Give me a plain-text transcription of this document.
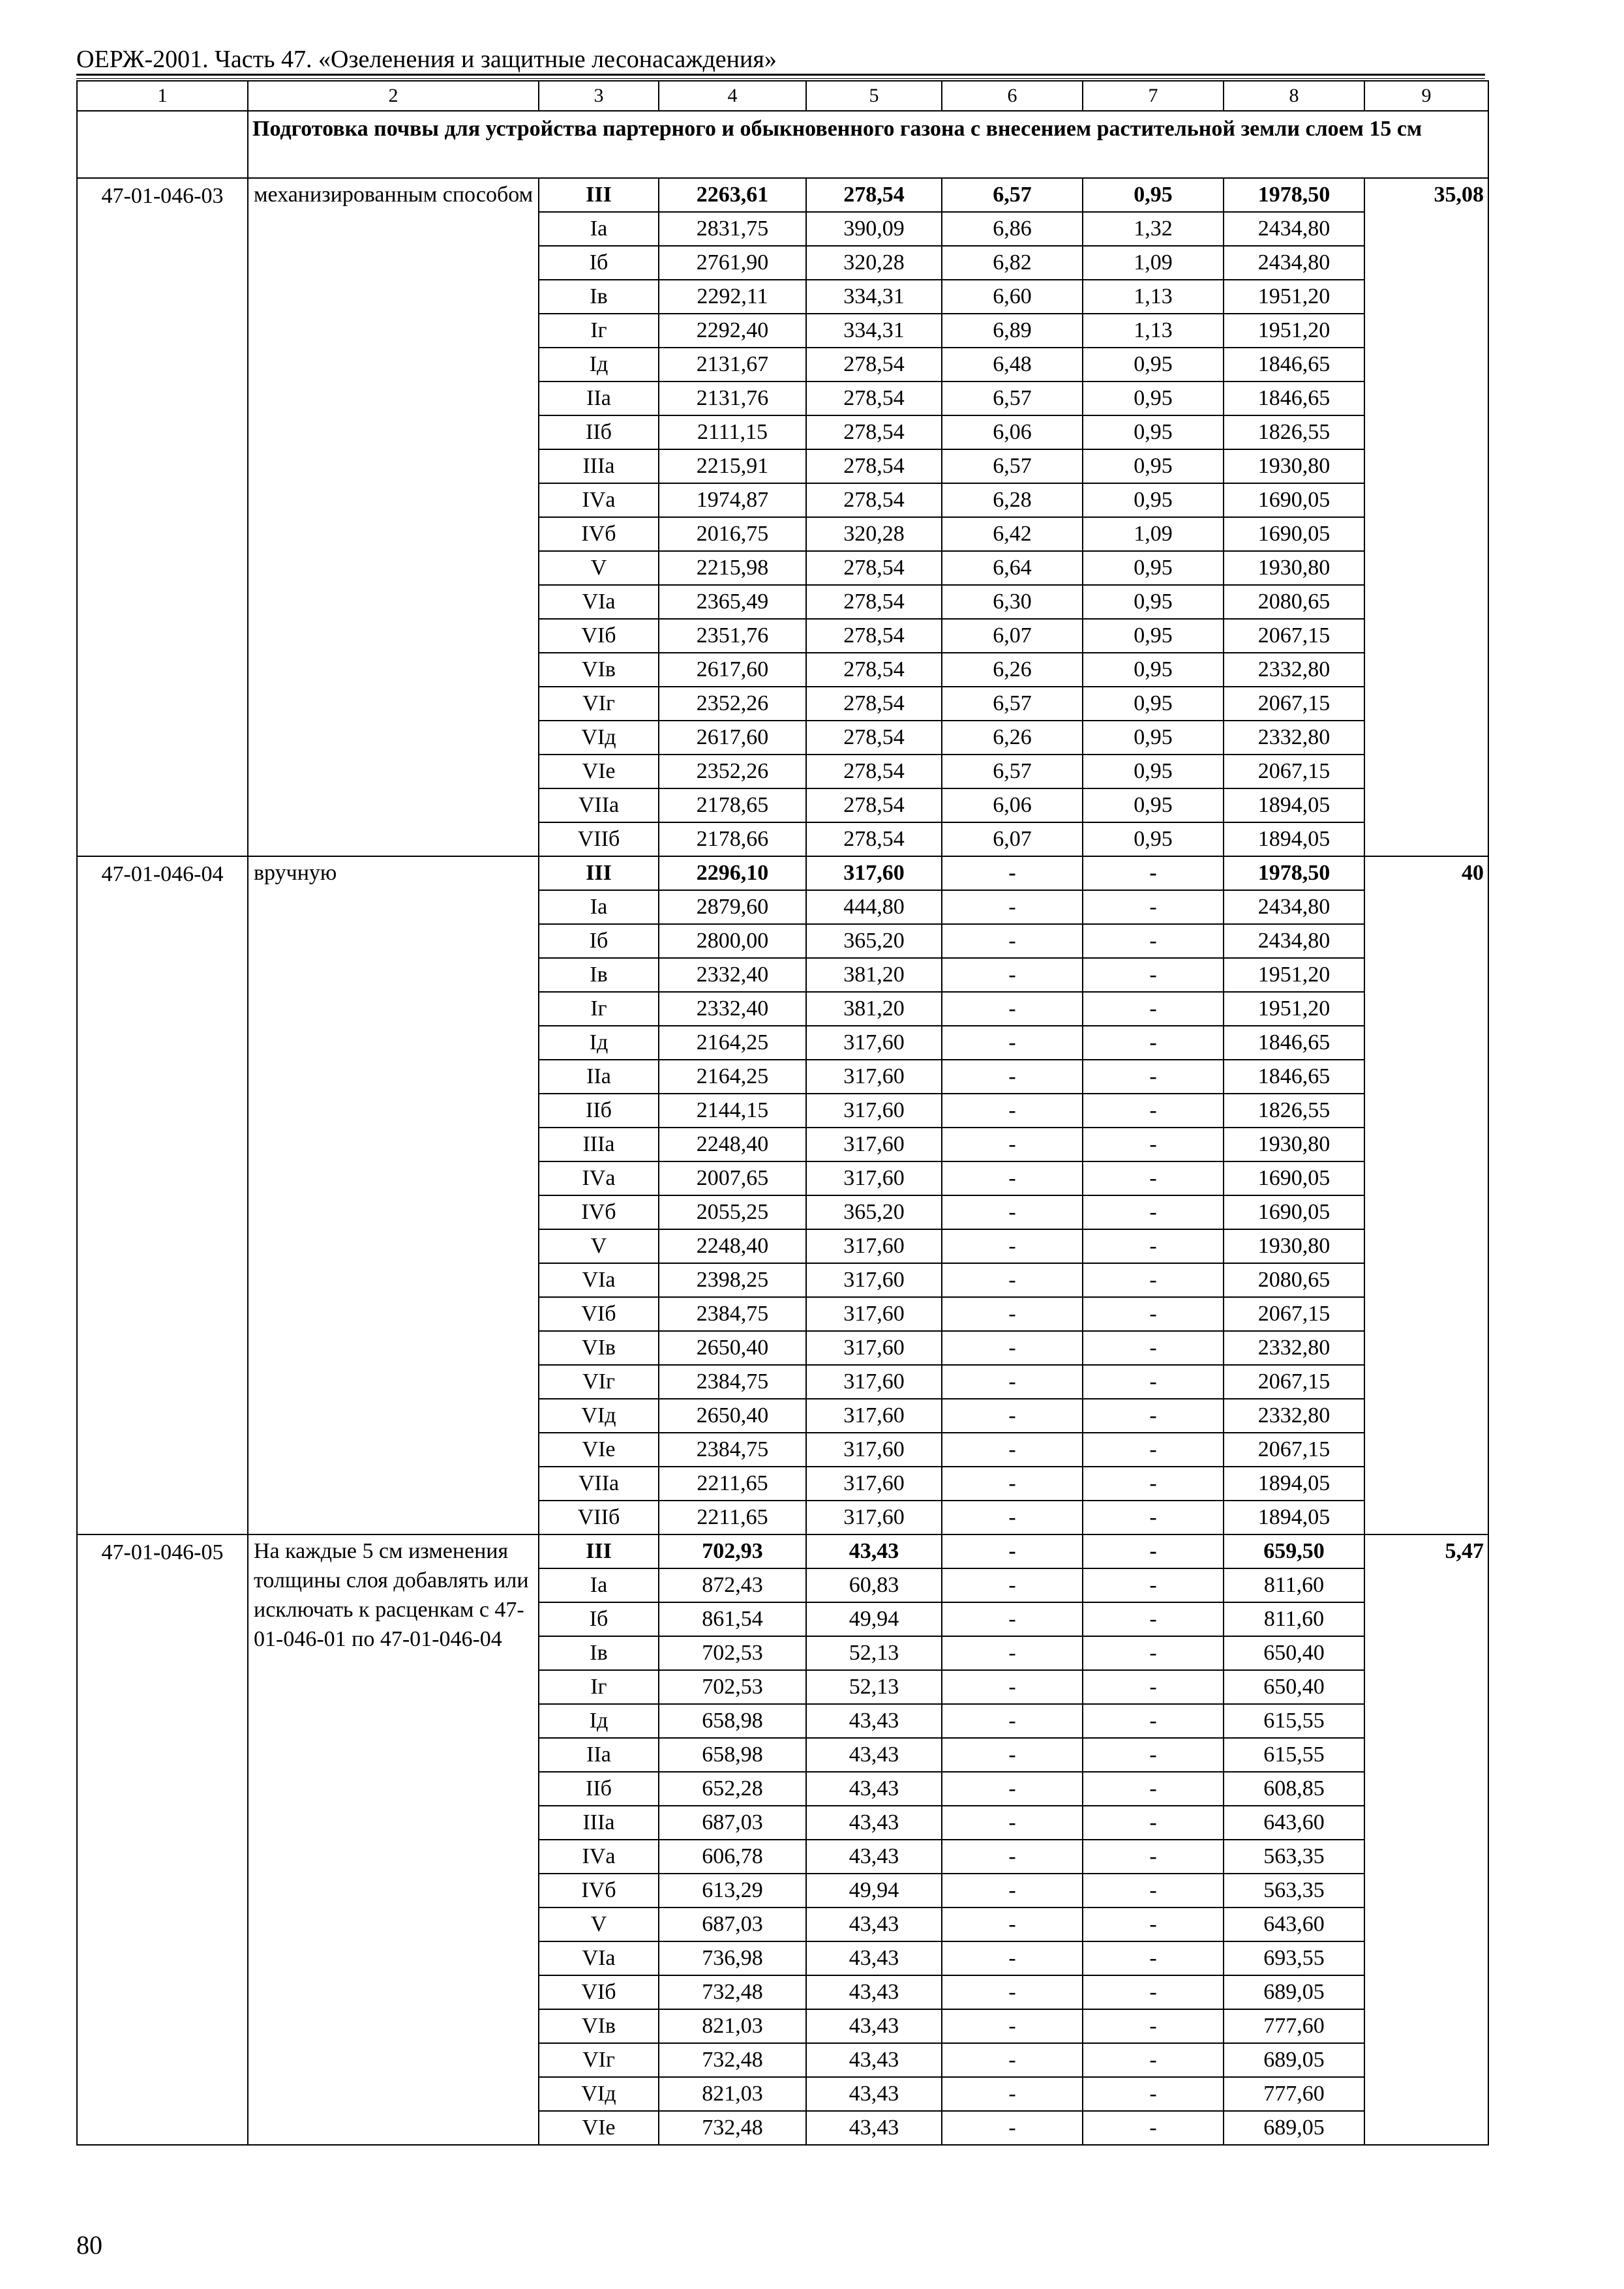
ОЕРЖ-2001. Часть 47. «Озеленения и защитные лесонасаждения»
1	2	3	4	5	6	7	8	9
	Подготовка почвы для устройства партерного и обыкновенного газона с внесением растительной земли слоем 15 см							
47-01-046-03	механизированным способом	III	2263,61	278,54	6,57	0,95	1978,50	35,08
		Iа	2831,75	390,09	6,86	1,32	2434,80	
		Iб	2761,90	320,28	6,82	1,09	2434,80	
		Iв	2292,11	334,31	6,60	1,13	1951,20	
		Iг	2292,40	334,31	6,89	1,13	1951,20	
		Iд	2131,67	278,54	6,48	0,95	1846,65	
		IIа	2131,76	278,54	6,57	0,95	1846,65	
		IIб	2111,15	278,54	6,06	0,95	1826,55	
		IIIа	2215,91	278,54	6,57	0,95	1930,80	
		IVа	1974,87	278,54	6,28	0,95	1690,05	
		IVб	2016,75	320,28	6,42	1,09	1690,05	
		V	2215,98	278,54	6,64	0,95	1930,80	
		VIа	2365,49	278,54	6,30	0,95	2080,65	
		VIб	2351,76	278,54	6,07	0,95	2067,15	
		VIв	2617,60	278,54	6,26	0,95	2332,80	
		VIг	2352,26	278,54	6,57	0,95	2067,15	
		VIд	2617,60	278,54	6,26	0,95	2332,80	
		VIе	2352,26	278,54	6,57	0,95	2067,15	
		VIIа	2178,65	278,54	6,06	0,95	1894,05	
		VIIб	2178,66	278,54	6,07	0,95	1894,05	
47-01-046-04	вручную	III	2296,10	317,60	-	-	1978,50	40
		Iа	2879,60	444,80	-	-	2434,80	
		Iб	2800,00	365,20	-	-	2434,80	
		Iв	2332,40	381,20	-	-	1951,20	
		Iг	2332,40	381,20	-	-	1951,20	
		Iд	2164,25	317,60	-	-	1846,65	
		IIа	2164,25	317,60	-	-	1846,65	
		IIб	2144,15	317,60	-	-	1826,55	
		IIIа	2248,40	317,60	-	-	1930,80	
		IVа	2007,65	317,60	-	-	1690,05	
		IVб	2055,25	365,20	-	-	1690,05	
		V	2248,40	317,60	-	-	1930,80	
		VIа	2398,25	317,60	-	-	2080,65	
		VIб	2384,75	317,60	-	-	2067,15	
		VIв	2650,40	317,60	-	-	2332,80	
		VIг	2384,75	317,60	-	-	2067,15	
		VIд	2650,40	317,60	-	-	2332,80	
		VIе	2384,75	317,60	-	-	2067,15	
		VIIа	2211,65	317,60	-	-	1894,05	
		VIIб	2211,65	317,60	-	-	1894,05	
47-01-046-05	На каждые 5 см изменения толщины слоя добавлять или исключать к расценкам с 47-01-046-01 по 47-01-046-04	III	702,93	43,43	-	-	659,50	5,47
		Iа	872,43	60,83	-	-	811,60	
		Iб	861,54	49,94	-	-	811,60	
		Iв	702,53	52,13	-	-	650,40	
		Iг	702,53	52,13	-	-	650,40	
		Iд	658,98	43,43	-	-	615,55	
		IIа	658,98	43,43	-	-	615,55	
		IIб	652,28	43,43	-	-	608,85	
		IIIа	687,03	43,43	-	-	643,60	
		IVа	606,78	43,43	-	-	563,35	
		IVб	613,29	49,94	-	-	563,35	
		V	687,03	43,43	-	-	643,60	
		VIа	736,98	43,43	-	-	693,55	
		VIб	732,48	43,43	-	-	689,05	
		VIв	821,03	43,43	-	-	777,60	
		VIг	732,48	43,43	-	-	689,05	
		VIд	821,03	43,43	-	-	777,60	
		VIе	732,48	43,43	-	-	689,05	
80
